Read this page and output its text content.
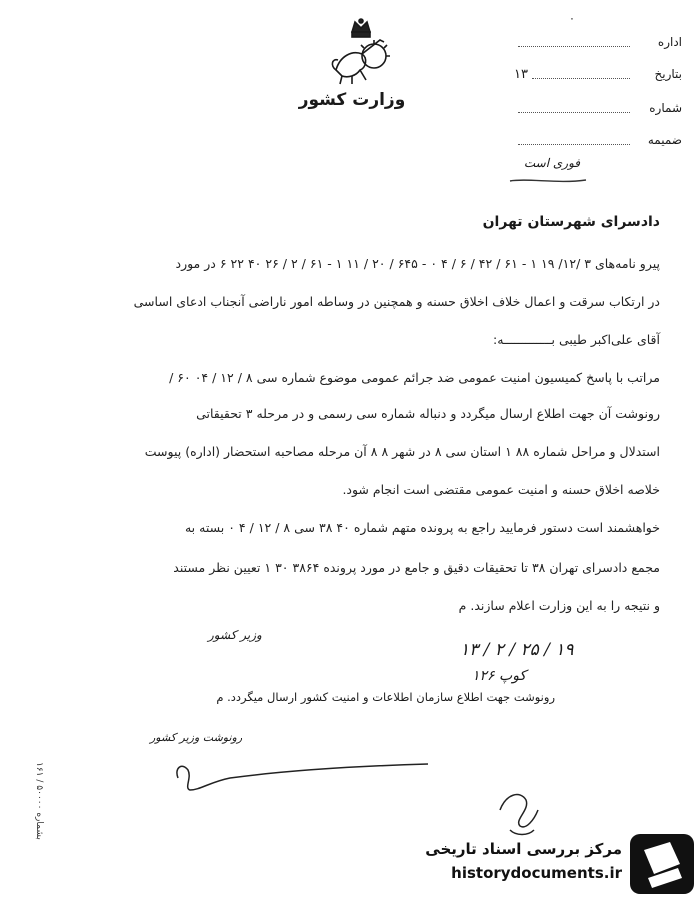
٠
وزارت کشور
اداره
بتاریخ
۱۳
شماره
ضمیمه
فوری است
دادسرای شهرستان تهران
پیرو نامه‌های ۳ /۱۲/ ۱۹ ۱ - ۶۱ / ۴۲ / ۶ / ۴ ۰ - ۶۴۵ / ۲۰ / ۱۱ ۱ - ۶۱ / ۲ / ۲۶ ۴۰ ۲۲ ۶ در مورد
در ارتکاب سرقت و اعمال خلاف اخلاق حسنه و همچنین در وساطه امور ناراضی آنجناب ادعای اساسی
آقای علی‌اکبر طیبی بـــــــــــــه:
مراتب با پاسخ کمیسیون امنیت عمومی ضد جرائم عمومی موضوع شماره سی ۸ / ۱۲ / ۰۴ ۶۰ /
رونوشت آن جهت اطلاع ارسال میگردد و دنباله شماره سی رسمی و در مرحله ۳ تحقیقاتی
استدلال و مراحل شماره ۸۸ ۱ استان سی ۸ در شهر ۸ ۸ آن مرحله مصاحبه استحضار (اداره) پیوست
خلاصه اخلاق حسنه و امنیت عمومی مقتضی است انجام شود.
خواهشمند است دستور فرمایید راجع به پرونده متهم شماره ۴۰ ۳۸ سی ۸ / ۱۲ / ۴ ۰ بسته به
مجمع دادسرای تهران ۳۸ تا تحقیقات دقیق و جامع در مورد پرونده ۳۸۶۴ ۳۰ ۱ تعیین نظر مستند
و نتیجه را به این وزارت اعلام سازند. م
وزیر کشور
۱۳ / ۲ / ۲۵ / ۱۹
کوپ ۱۲۶
رونوشت جهت اطلاع سازمان اطلاعات و امنیت کشور ارسال میگردد. م
رونوشت وزیر کشور
بشماره ۵۰۰۰۰ / ۱۶۱
مرکز بررسی اسناد تاریخی
historydocuments.ir
